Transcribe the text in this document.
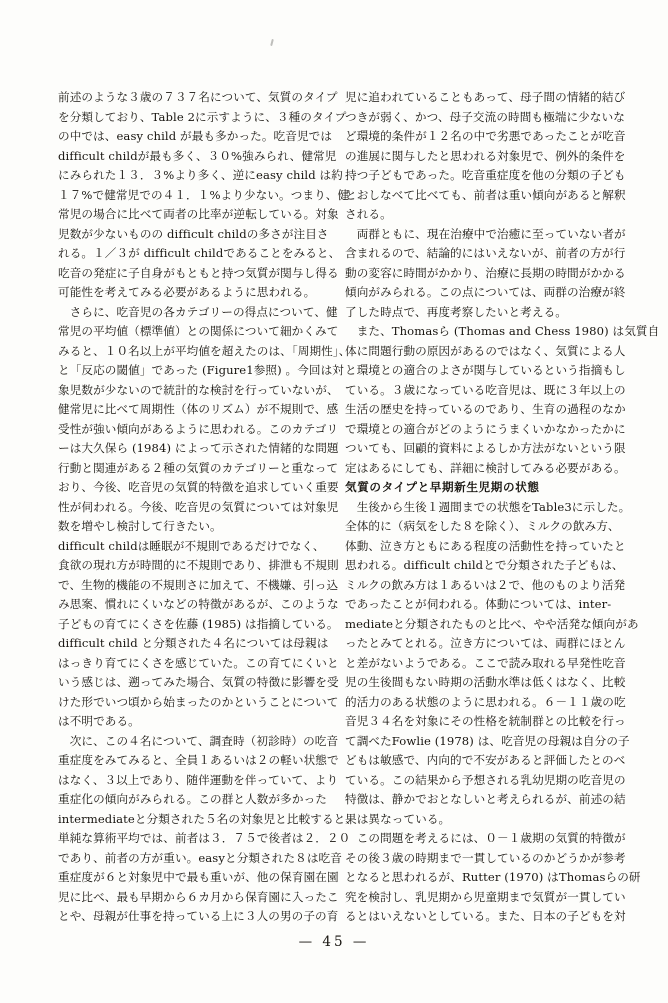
前述のような３歳の７３７名について、気質のタイプ
を分類しており、Table 2に示すように、３種のタイプ
の中では、easy child が最も多かった。吃音児では
difficult childが最も多く、３０%強みられ、健常児
にみられた１３．３%より多く、逆にeasy child は約
１７%で健常児での４１．１%より少ない。つまり、健
常児の場合に比べて両者の比率が逆転している。対象
児数が少ないものの difficult childの多さが注目さ
れる。１／３が difficult childであることをみると、
吃音の発症に子自身がもともと持つ気質が関与し得る
可能性を考えてみる必要があるように思われる。
　さらに、吃音児の各カテゴリーの得点について、健
常児の平均値（標準値）との関係について細かくみて
みると、１０名以上が平均値を超えたのは、「周期性」、
と「反応の閾値」であった (Figure1参照) 。今回は対
象児数が少ないので統計的な検討を行っていないが、
健常児に比べて周期性（体のリズム）が不規則で、感
受性が強い傾向があるように思われる。このカテゴリ
ーは大久保ら (1984) によって示された情緒的な問題
行動と関連がある２種の気質のカテゴリーと重なって
おり、今後、吃音児の気質的特徴を追求していく重要
性が伺われる。今後、吃音児の気質については対象児
数を増やし検討して行きたい。
difficult childは睡眠が不規則であるだけでなく、
食欲の現れ方が時間的に不規則であり、排泄も不規則
で、生物的機能の不規則さに加えて、不機嫌、引っ込
み思案、慣れにくいなどの特徴があるが、このような
子どもの育てにくさを佐藤 (1985) は指摘している。
difficult child と分類された４名については母親は
はっきり育てにくさを感じていた。この育てにくいと
いう感じは、遡ってみた場合、気質の特徴に影響を受
けた形でいつ頃から始まったのかということについて
は不明である。
　次に、この４名について、調査時（初診時）の吃音
重症度をみてみると、全員１あるいは２の軽い状態で
はなく、３以上であり、随伴運動を伴っていて、より
重症化の傾向がみられる。この群と人数が多かった
intermediateと分類された５名の対象児と比較すると、
単純な算術平均では、前者は３．７５で後者は２．２０
であり、前者の方が重い。easyと分類された８は吃音
重症度が６と対象児中で最も重いが、他の保育園在園
児に比べ、最も早期から６カ月から保育園に入ったこ
とや、母親が仕事を持っている上に３人の男の子の育
児に追われていることもあって、母子間の情緒的結び
つきが弱く、かつ、母子交流の時間も極端に少ないな
ど環境的条件が１２名の中で劣悪であったことが吃音
の進展に関与したと思われる対象児で、例外的条件を
持つ子どもであった。吃音重症度を他の分類の子ども
とおしなべて比べても、前者は重い傾向があると解釈
される。
　両群ともに、現在治療中で治癒に至っていない者が
含まれるので、結論的にはいえないが、前者の方が行
動の変容に時間がかかり、治療に長期の時間がかかる
傾向がみられる。この点については、両群の治療が終
了した時点で、再度考察したいと考える。
　また、Thomasら (Thomas and Chess 1980) は気質自
体に問題行動の原因があるのではなく、気質による人
と環境との適合のよさが関与しているという指摘もし
ている。３歳になっている吃音児は、既に３年以上の
生活の歴史を持っているのであり、生育の過程のなか
で環境との適合がどのようにうまくいかなかったかに
ついても、回顧的資料によるしか方法がないという限
定はあるにしても、詳細に検討してみる必要がある。
気質のタイプと早期新生児期の状態
　生後から生後１週間までの状態をTable3に示した。
全体的に（病気をした８を除く）、ミルクの飲み方、
体動、泣き方ともにある程度の活動性を持っていたと
思われる。difficult childとで分類された子どもは、
ミルクの飲み方は１あるいは２で、他のものより活発
であったことが伺われる。体動については、inter-
mediateと分類されたものと比べ、やや活発な傾向があ
ったとみてとれる。泣き方については、両群にほとん
と差がないようである。ここで読み取れる早発性吃音
児の生後間もない時期の活動水準は低くはなく、比較
的活力のある状態のように思われる。６－１１歳の吃
音児３４名を対象にその性格を統制群との比較を行っ
て調べたFowlie (1978) は、吃音児の母親は自分の子
どもは敏感で、内向的で不安があると評価したとのべ
ている。この結果から予想される乳幼児期の吃音児の
特徴は、静かでおとなしいと考えられるが、前述の結
果は異なっている。
　この問題を考えるには、０－１歳期の気質的特徴が
その後３歳の時期まで一貫しているのかどうかが参考
となると思われるが、Rutter (1970) はThomasらの研
究を検討し、乳児期から児童期まで気質が一貫してい
るとはいえないとしている。また、日本の子どもを対
— 45 —
